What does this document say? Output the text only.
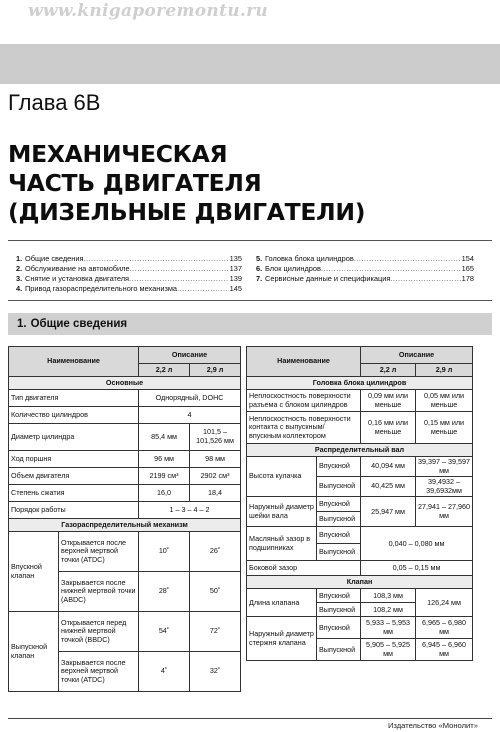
www.knigaporemontu.ru
Глава 6В
МЕХАНИЧЕСКАЯ
ЧАСТЬ ДВИГАТЕЛЯ
(ДИЗЕЛЬНЫЕ ДВИГАТЕЛИ)
1. Общие сведения .....	135
2. Обслуживание на автомобиле .....	137
3. Снятие и установка двигателя .....	139
4. Привод газораспределительного механизма .....	145
5. Головка блока цилиндров .....	154
6. Блок цилиндров .....	165
7. Сервисные данные и спецификация .....	178
1. Общие сведения
Наименование		Описание	
		2,2 л	2,9 л
Основные			
Тип двигателя		Однорядный, DOHC	
Количество цилиндров		4	
Диаметр цилиндра		85,4 мм	101,5 – 101,526 мм
Ход поршня		96 мм	98 мм
Объем двигателя		2199 см³	2902 см³
Степень сжатия		16,0	18,4
Порядок работы		1 – 3 – 4 – 2	
Газораспределительный механизм			
Впускной клапан	Открывается после верхней мертвой точки (ATDC)	10˚	26˚
	Закрывается после нижней мертвой точки (ABDC)	28˚	50˚
Выпускной клапан	Открывается перед нижней мертвой точкой (BBDC)	54˚	72˚
	Закрывается после верхней мертвой точки (ATDC)	4˚	32˚
Наименование		Описание	
		2,2 л	2,9 л
Головка блока цилиндров			
Неплоскостность поверхности разъема с блоком цилиндров		0,09 мм или меньше	0,05 мм или меньше
Неплоскостность поверхности контакта с выпускным/ впускным коллектором		0,16 мм или меньше	0,15 мм или меньше
Распределительный вал			
Высота кулачка	Впускной	40,094 мм	39,397 – 39,597 мм
	Выпускной	40,425 мм	39,4932 – 39,6932мм
Наружный диаметр шейки вала	Впускной	25,947 мм	27,941 – 27,960 мм
	Выпускной		
Масляный зазор в подшипниках	Впускной	0,040 – 0,080 мм	
	Выпускной		
Боковой зазор		0,05 – 0,15 мм	
Клапан			
Длина клапана	Впускной	108,3 мм	126,24 мм
	Выпускной	108,2 мм	
Наружный диаметр стержня клапана	Впускной	5,933 – 5,953 мм	6,965 – 6,980 мм
	Выпускной	5,905 – 5,925 мм	6,945 – 6,960 мм
Издательство «Монолит»
